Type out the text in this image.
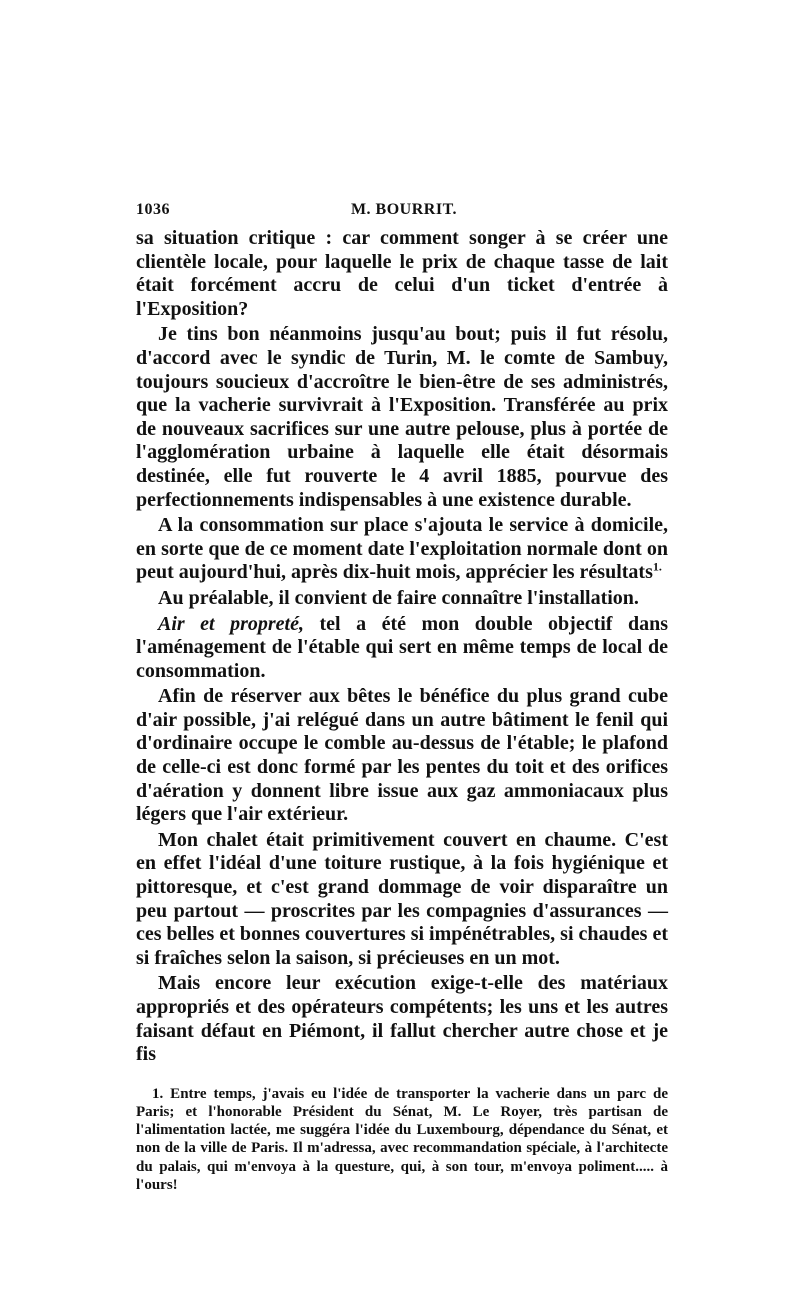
1036	M. BOURRIT.

sa situation critique : car comment songer à se créer une clientèle locale, pour laquelle le prix de chaque tasse de lait était forcément accru de celui d'un ticket d'entrée à l'Exposition?

Je tins bon néanmoins jusqu'au bout; puis il fut résolu, d'accord avec le syndic de Turin, M. le comte de Sambuy, toujours soucieux d'accroître le bien-être de ses administrés, que la vacherie survivrait à l'Exposition. Transférée au prix de nouveaux sacrifices sur une autre pelouse, plus à portée de l'agglomération urbaine à laquelle elle était désormais destinée, elle fut rouverte le 4 avril 1885, pourvue des perfectionnements indispensables à une existence durable.

A la consommation sur place s'ajouta le service à domicile, en sorte que de ce moment date l'exploitation normale dont on peut aujourd'hui, après dix-huit mois, apprécier les résultats$^{1.}$

Au préalable, il convient de faire connaître l'installation.

Air et propreté, tel a été mon double objectif dans l'aménagement de l'étable qui sert en même temps de local de consommation.

Afin de réserver aux bêtes le bénéfice du plus grand cube d'air possible, j'ai relégué dans un autre bâtiment le fenil qui d'ordinaire occupe le comble au-dessus de l'étable; le plafond de celle-ci est donc formé par les pentes du toit et des orifices d'aération y donnent libre issue aux gaz ammoniacaux plus légers que l'air extérieur.

Mon chalet était primitivement couvert en chaume. C'est en effet l'idéal d'une toiture rustique, à la fois hygiénique et pittoresque, et c'est grand dommage de voir disparaître un peu partout — proscrites par les compagnies d'assurances — ces belles et bonnes couvertures si impénétrables, si chaudes et si fraîches selon la saison, si précieuses en un mot.

Mais encore leur exécution exige-t-elle des matériaux appropriés et des opérateurs compétents; les uns et les autres faisant défaut en Piémont, il fallut chercher autre chose et je fis

1. Entre temps, j'avais eu l'idée de transporter la vacherie dans un parc de Paris; et l'honorable Président du Sénat, M. Le Royer, très partisan de l'alimentation lactée, me suggéra l'idée du Luxembourg, dépendance du Sénat, et non de la ville de Paris. Il m'adressa, avec recommandation spéciale, à l'architecte du palais, qui m'envoya à la questure, qui, à son tour, m'envoya poliment..... à l'ours!
